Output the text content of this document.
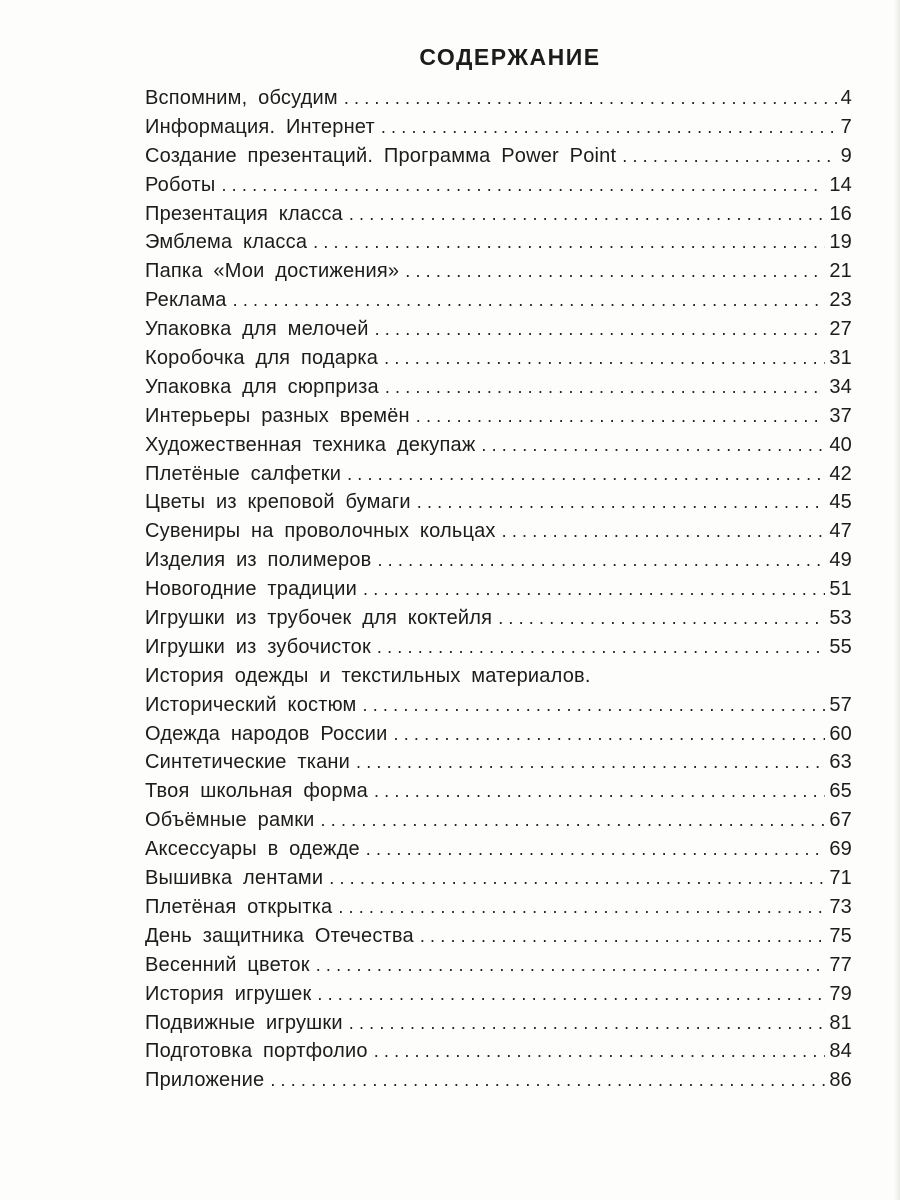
СОДЕРЖАНИЕ
Вспомним, обсудим .....	4
Информация. Интернет .....	7
Создание презентаций. Программа Power Point .....	9
Роботы .....	14
Презентация класса .....	16
Эмблема класса .....	19
Папка «Мои достижения» .....	21
Реклама .....	23
Упаковка для мелочей .....	27
Коробочка для подарка .....	31
Упаковка для сюрприза .....	34
Интерьеры разных времён .....	37
Художественная техника декупаж .....	40
Плетёные салфетки .....	42
Цветы из креповой бумаги .....	45
Сувениры на проволочных кольцах .....	47
Изделия из полимеров .....	49
Новогодние традиции .....	51
Игрушки из трубочек для коктейля .....	53
Игрушки из зубочисток .....	55
История одежды и текстильных материалов.
Исторический костюм .....	57
Одежда народов России .....	60
Синтетические ткани .....	63
Твоя школьная форма .....	65
Объёмные рамки .....	67
Аксессуары в одежде .....	69
Вышивка лентами .....	71
Плетёная открытка .....	73
День защитника Отечества .....	75
Весенний цветок .....	77
История игрушек .....	79
Подвижные игрушки .....	81
Подготовка портфолио .....	84
Приложение .....	86
